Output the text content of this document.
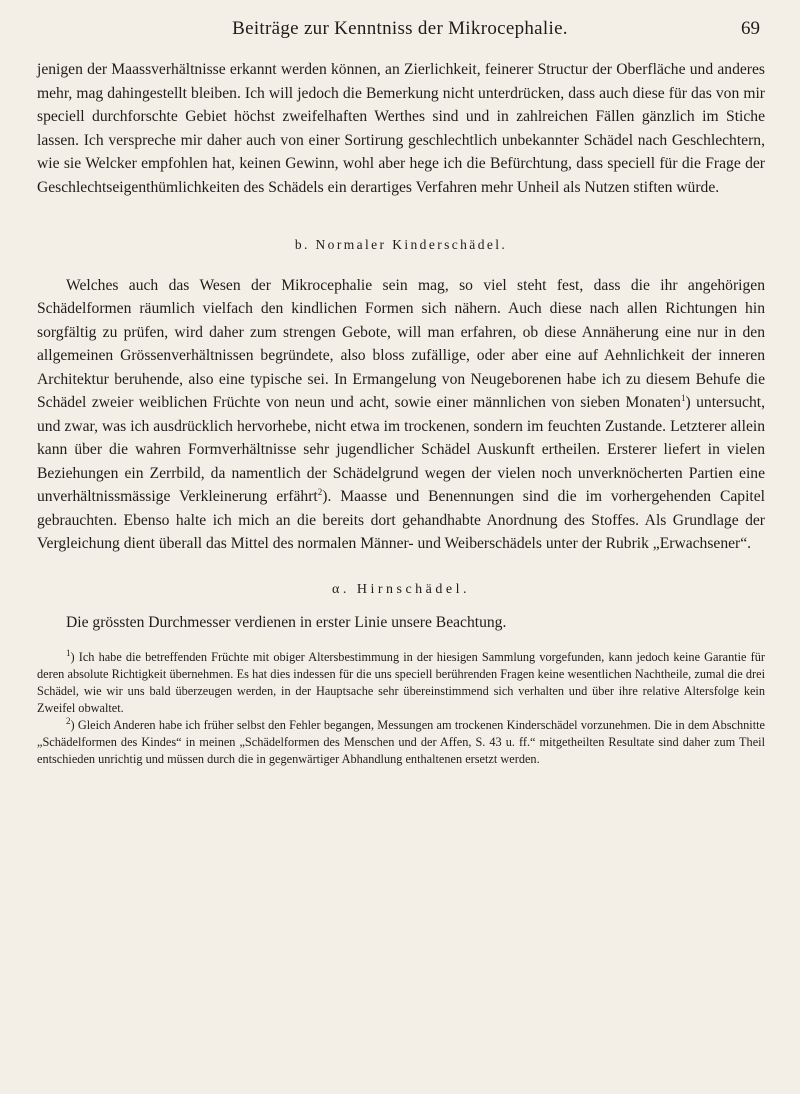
Beiträge zur Kenntniss der Mikrocephalie.	69

jenigen der Maassverhältnisse erkannt werden können, an Zierlichkeit, feinerer Structur der Oberfläche und anderes mehr, mag dahingestellt bleiben. Ich will jedoch die Bemerkung nicht unterdrücken, dass auch diese für das von mir speciell durchforschte Gebiet höchst zweifelhaften Werthes sind und in zahlreichen Fällen gänzlich im Stiche lassen. Ich verspreche mir daher auch von einer Sortirung geschlechtlich unbekannter Schädel nach Geschlechtern, wie sie Welcker empfohlen hat, keinen Gewinn, wohl aber hege ich die Befürchtung, dass speciell für die Frage der Geschlechtseigenthümlichkeiten des Schädels ein derartiges Verfahren mehr Unheil als Nutzen stiften würde.

b. Normaler Kinderschädel.

Welches auch das Wesen der Mikrocephalie sein mag, so viel steht fest, dass die ihr angehörigen Schädelformen räumlich vielfach den kindlichen Formen sich nähern. Auch diese nach allen Richtungen hin sorgfältig zu prüfen, wird daher zum strengen Gebote, will man erfahren, ob diese Annäherung eine nur in den allgemeinen Grössenverhältnissen begründete, also bloss zufällige, oder aber eine auf Aehnlichkeit der inneren Architektur beruhende, also eine typische sei. In Ermangelung von Neugeborenen habe ich zu diesem Behufe die Schädel zweier weiblichen Früchte von neun und acht, sowie einer männlichen von sieben Monaten$^1$) untersucht, und zwar, was ich ausdrücklich hervorhebe, nicht etwa im trockenen, sondern im feuchten Zustande. Letzterer allein kann über die wahren Formverhältnisse sehr jugendlicher Schädel Auskunft ertheilen. Ersterer liefert in vielen Beziehungen ein Zerrbild, da namentlich der Schädelgrund wegen der vielen noch unverknöcherten Partien eine unverhältnissmässige Verkleinerung erfährt$^2$). Maasse und Benennungen sind die im vorhergehenden Capitel gebrauchten. Ebenso halte ich mich an die bereits dort gehandhabte Anordnung des Stoffes. Als Grundlage der Vergleichung dient überall das Mittel des normalen Männer- und Weiberschädels unter der Rubrik „Erwachsener“.

α. Hirnschädel.

Die grössten Durchmesser verdienen in erster Linie unsere Beachtung.

$^1$) Ich habe die betreffenden Früchte mit obiger Altersbestimmung in der hiesigen Sammlung vorgefunden, kann jedoch keine Garantie für deren absolute Richtigkeit übernehmen. Es hat dies indessen für die uns speciell berührenden Fragen keine wesentlichen Nachtheile, zumal die drei Schädel, wie wir uns bald überzeugen werden, in der Hauptsache sehr übereinstimmend sich verhalten und über ihre relative Altersfolge kein Zweifel obwaltet.

$^2$) Gleich Anderen habe ich früher selbst den Fehler begangen, Messungen am trockenen Kinderschädel vorzunehmen. Die in dem Abschnitte „Schädelformen des Kindes“ in meinen „Schädelformen des Menschen und der Affen, S. 43 u. ff.“ mitgetheilten Resultate sind daher zum Theil entschieden unrichtig und müssen durch die in gegenwärtiger Abhandlung enthaltenen ersetzt werden.
